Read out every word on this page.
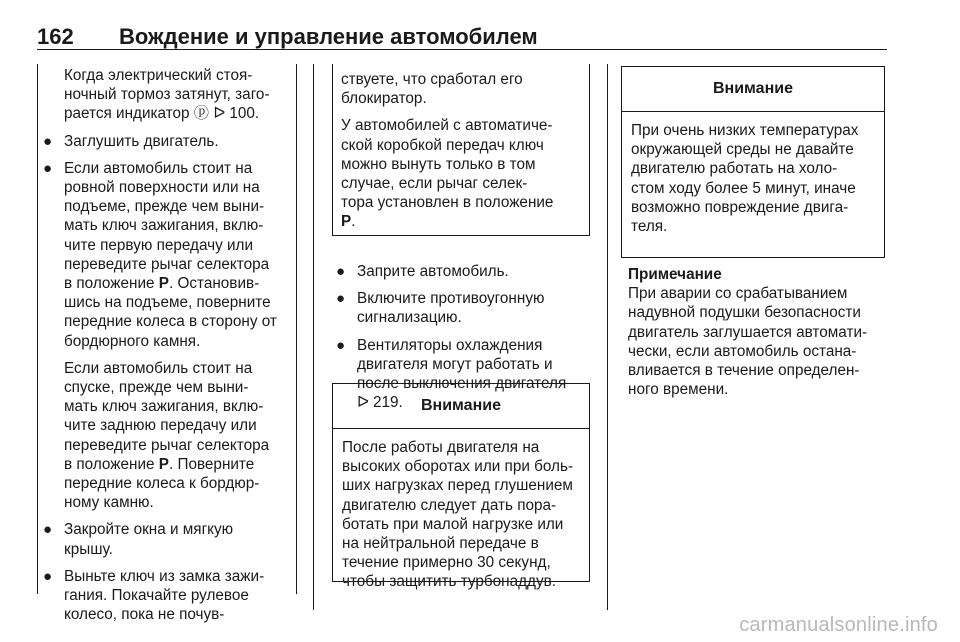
162 Вождение и управление автомобилем
Когда электрический стоя-
ночный тормоз затянут, заго-
рается индикатор ⓟ ᐅ 100.
● Заглушить двигатель.
● Если автомобиль стоит на
ровной поверхности или на
подъеме, прежде чем выни-
мать ключ зажигания, вклю-
чите первую передачу или
переведите рычаг селектора
в положение P. Остановив-
шись на подъеме, поверните
передние колеса в сторону от
бордюрного камня.
Если автомобиль стоит на
спуске, прежде чем выни-
мать ключ зажигания, вклю-
чите заднюю передачу или
переведите рычаг селектора
в положение P. Поверните
передние колеса к бордюр-
ному камню.
● Закройте окна и мягкую
крышу.
● Выньте ключ из замка зажи-
гания. Покачайте рулевое
колесо, пока не почув-
ствуете, что сработал его
блокиратор.
У автомобилей с автоматиче-
ской коробкой передач ключ
можно вынуть только в том
случае, если рычаг селек-
тора установлен в положение
P.
● Заприте автомобиль.
● Включите противоугонную
сигнализацию.
● Вентиляторы охлаждения
двигателя могут работать и
после выключения двигателя
ᐅ 219.	Внимание
После работы двигателя на
высоких оборотах или при боль-
ших нагрузках перед глушением
двигателю следует дать пора-
ботать при малой нагрузке или
на нейтральной передаче в
течение примерно 30 секунд,
чтобы защитить турбонаддув.
Внимание
При очень низких температурах
окружающей среды не давайте
двигателю работать на холо-
стом ходу более 5 минут, иначе
возможно повреждение двига-
теля.
Примечание
При аварии со срабатыванием
надувной подушки безопасности
двигатель заглушается автомати-
чески, если автомобиль остана-
вливается в течение определен-
ного времени.
carmanualsonline.info
